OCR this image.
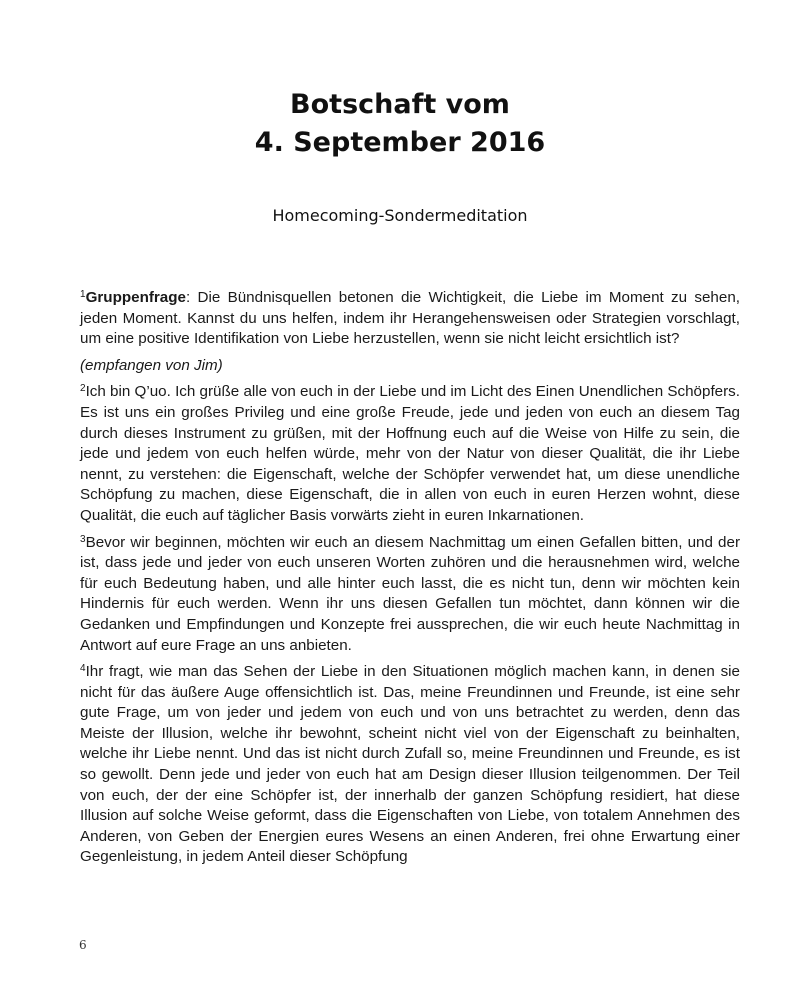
Botschaft vom
4. September 2016
Homecoming-Sondermeditation

$^1$Gruppenfrage: Die Bündnisquellen betonen die Wichtigkeit, die Liebe im Moment zu sehen, jeden Moment. Kannst du uns helfen, indem ihr Herangehensweisen oder Strategien vorschlagt, um eine positive Identifikation von Liebe herzustellen, wenn sie nicht leicht ersichtlich ist?

(empfangen von Jim)

$^2$Ich bin Q’uo. Ich grüße alle von euch in der Liebe und im Licht des Einen Unendlichen Schöpfers. Es ist uns ein großes Privileg und eine große Freude, jede und jeden von euch an diesem Tag durch dieses Instrument zu grüßen, mit der Hoffnung euch auf die Weise von Hilfe zu sein, die jede und jedem von euch helfen würde, mehr von der Natur von dieser Qualität, die ihr Liebe nennt, zu verstehen: die Eigenschaft, welche der Schöpfer verwendet hat, um diese unendliche Schöpfung zu machen, diese Eigenschaft, die in allen von euch in euren Herzen wohnt, diese Qualität, die euch auf täglicher Basis vorwärts zieht in euren Inkarnationen.

$^3$Bevor wir beginnen, möchten wir euch an diesem Nachmittag um einen Gefallen bitten, und der ist, dass jede und jeder von euch unseren Worten zuhören und die herausnehmen wird, welche für euch Bedeutung haben, und alle hinter euch lasst, die es nicht tun, denn wir möchten kein Hindernis für euch werden. Wenn ihr uns diesen Gefallen tun möchtet, dann können wir die Gedanken und Empfindungen und Konzepte frei aussprechen, die wir euch heute Nachmittag in Antwort auf eure Frage an uns anbieten.

$^4$Ihr fragt, wie man das Sehen der Liebe in den Situationen möglich machen kann, in denen sie nicht für das äußere Auge offensichtlich ist. Das, meine Freundinnen und Freunde, ist eine sehr gute Frage, um von jeder und jedem von euch und von uns betrachtet zu werden, denn das Meiste der Illusion, welche ihr bewohnt, scheint nicht viel von der Eigenschaft zu beinhalten, welche ihr Liebe nennt. Und das ist nicht durch Zufall so, meine Freundinnen und Freunde, es ist so gewollt. Denn jede und jeder von euch hat am Design dieser Illusion teilgenommen. Der Teil von euch, der der eine Schöpfer ist, der innerhalb der ganzen Schöpfung residiert, hat diese Illusion auf solche Weise geformt, dass die Eigenschaften von Liebe, von totalem Annehmen des Anderen, von Geben der Energien eures Wesens an einen Anderen, frei ohne Erwartung einer Gegenleistung, in jedem Anteil dieser Schöpfung

6
